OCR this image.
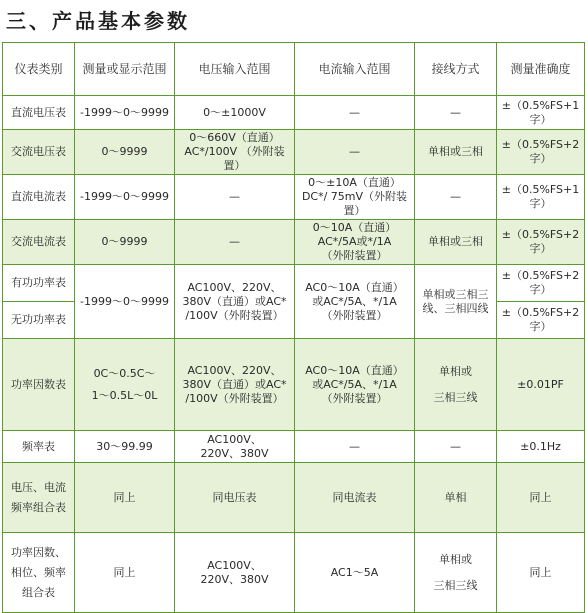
三、产品基本参数
仪表类别	测量或显示范围	电压输入范围	电流输入范围	接线方式	测量准确度
直流电压表	-1999～0～9999	0～±1000V	—	—	±（0.5%FS+1字）
交流电压表	0～9999	0～660V（直通）
AC*/100V （外附装置）	—	单相或三相	±（0.5%FS+2字）
直流电流表	-1999～0～9999	—	0～±10A（直通）
DC*/ 75mV（外附装置）	—	±（0.5%FS+1字）
交流电流表	0～9999	—	0～10A（直通）
AC*/5A或*/1A
（外附装置）	单相或三相	±（0.5%FS+2字）
有功功率表	-1999～0～9999	AC100V、220V、
380V（直通）或AC*
/100V（外附装置）	AC0～10A（直通）
或AC*/5A、*/1A
（外附装置）	单相或三相三
线、三相四线	±（0.5%FS+2字）
无功功率表					±（0.5%FS+2字）
功率因数表	0C～0.5C～
1～0.5L～0L	AC100V、220V、
380V（直通）或AC*
/100V（外附装置）	AC0～10A（直通）
或AC*/5A、*/1A
（外附装置）	单相或
三相三线	±0.01PF
频率表	30～99.99	AC100V、
220V、380V	—	—	±0.1Hz

电压、电流
频率组合表	同上	同电压表	同电流表	单相	同上

功率因数、
相位、频率
组合表	同上	AC100V、
220V、380V	AC1～5A	单相或
三相三线	同上
